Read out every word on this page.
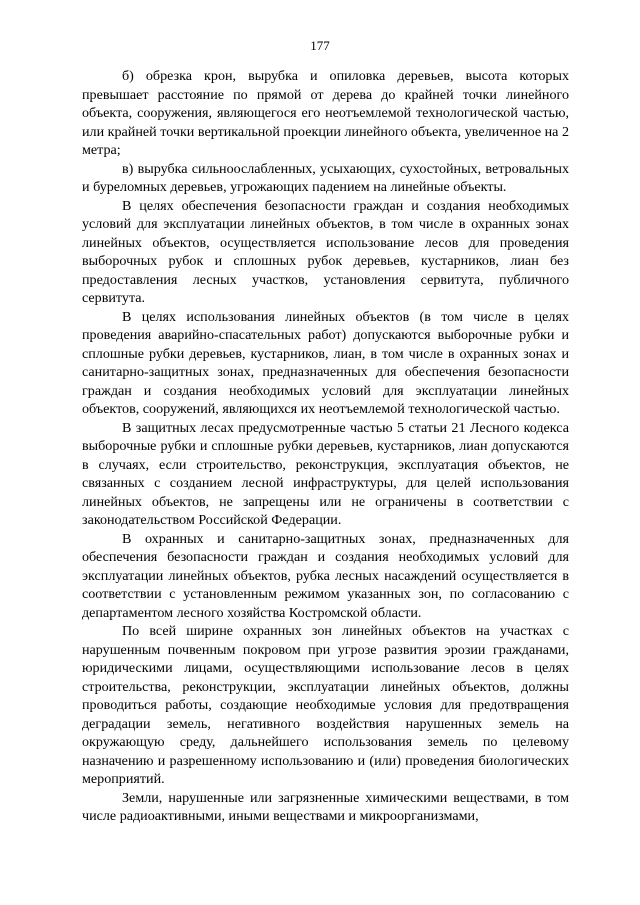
177

б) обрезка крон, вырубка и опиловка деревьев, высота которых превышает расстояние по прямой от дерева до крайней точки линейного объекта, сооружения, являющегося его неотъемлемой технологической частью, или крайней точки вертикальной проекции линейного объекта, увеличенное на 2 метра;

в) вырубка сильноослабленных, усыхающих, сухостойных, ветровальных и буреломных деревьев, угрожающих падением на линейные объекты.

В целях обеспечения безопасности граждан и создания необходимых условий для эксплуатации линейных объектов, в том числе в охранных зонах линейных объектов, осуществляется использование лесов для проведения выборочных рубок и сплошных рубок деревьев, кустарников, лиан без предоставления лесных участков, установления сервитута, публичного сервитута.

В целях использования линейных объектов (в том числе в целях проведения аварийно-спасательных работ) допускаются выборочные рубки и сплошные рубки деревьев, кустарников, лиан, в том числе в охранных зонах и санитарно-защитных зонах, предназначенных для обеспечения безопасности граждан и создания необходимых условий для эксплуатации линейных объектов, сооружений, являющихся их неотъемлемой технологической частью.

В защитных лесах предусмотренные частью 5 статьи 21 Лесного кодекса выборочные рубки и сплошные рубки деревьев, кустарников, лиан допускаются в случаях, если строительство, реконструкция, эксплуатация объектов, не связанных с созданием лесной инфраструктуры, для целей использования линейных объектов, не запрещены или не ограничены в соответствии с законодательством Российской Федерации.

В охранных и санитарно-защитных зонах, предназначенных для обеспечения безопасности граждан и создания необходимых условий для эксплуатации линейных объектов, рубка лесных насаждений осуществляется в соответствии с установленным режимом указанных зон, по согласованию с департаментом лесного хозяйства Костромской области.

По всей ширине охранных зон линейных объектов на участках с нарушенным почвенным покровом при угрозе развития эрозии гражданами, юридическими лицами, осуществляющими использование лесов в целях строительства, реконструкции, эксплуатации линейных объектов, должны проводиться работы, создающие необходимые условия для предотвращения деградации земель, негативного воздействия нарушенных земель на окружающую среду, дальнейшего использования земель по целевому назначению и разрешенному использованию и (или) проведения биологических мероприятий.

Земли, нарушенные или загрязненные химическими веществами, в том числе радиоактивными, иными веществами и микроорганизмами,
